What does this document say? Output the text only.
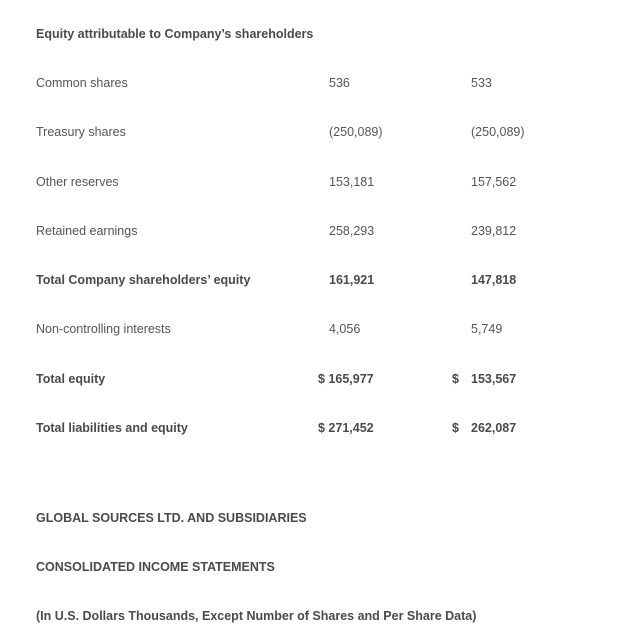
Equity attributable to Company’s shareholders
Common shares	536	533
Treasury shares	(250,089)	(250,089)
Other reserves	153,181	157,562
Retained earnings	258,293	239,812
Total Company shareholders’ equity	161,921	147,818
Non-controlling interests	4,056	5,749
Total equity	$ 165,977	$ 153,567
Total liabilities and equity	$ 271,452	$ 262,087
GLOBAL SOURCES LTD. AND SUBSIDIARIES
CONSOLIDATED INCOME STATEMENTS
(In U.S. Dollars Thousands, Except Number of Shares and Per Share Data)
